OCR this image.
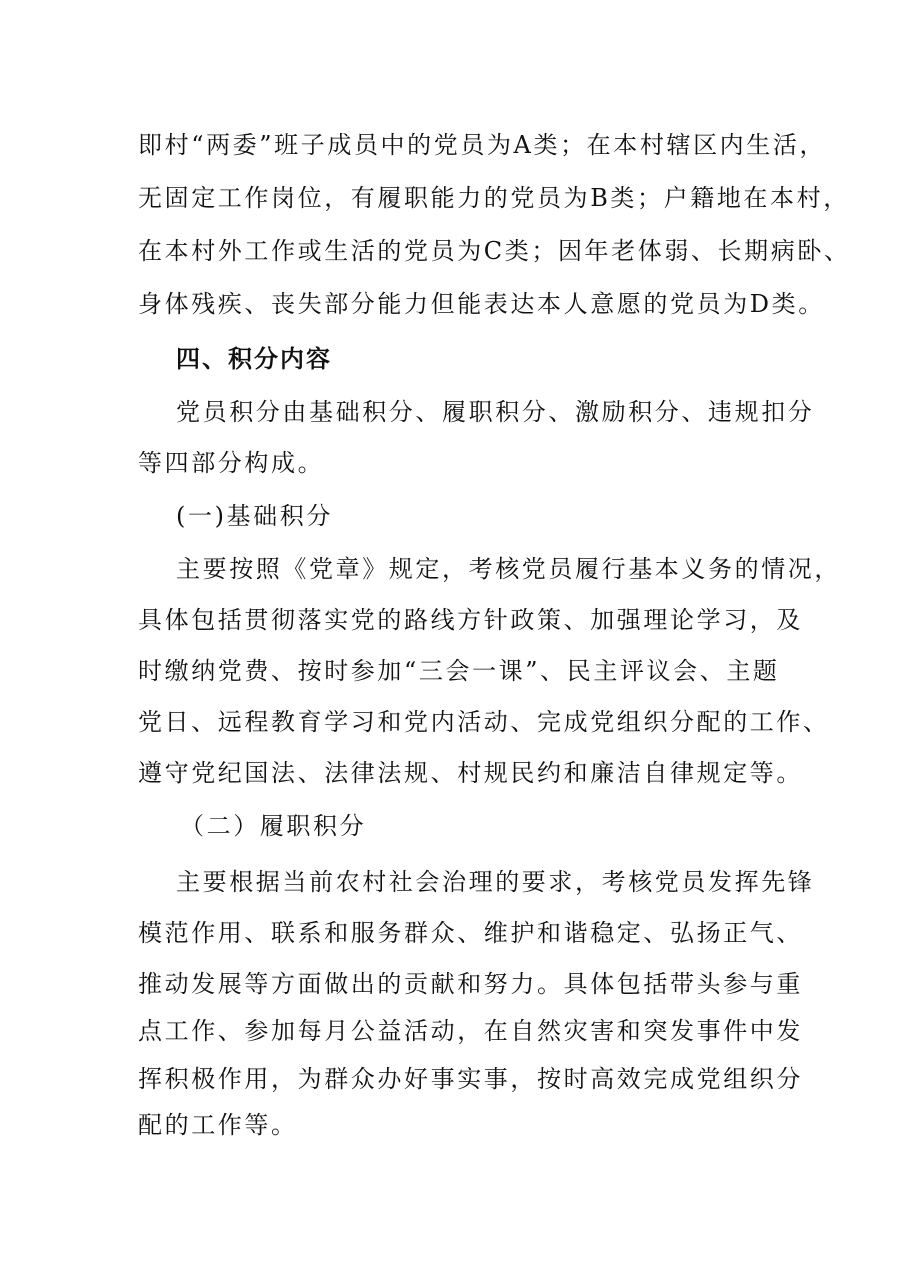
即村“两委”班子成员中的党员为A类；在本村辖区内生活，
无固定工作岗位，有履职能力的党员为B类；户籍地在本村，
在本村外工作或生活的党员为C类；因年老体弱、长期病卧、
身体残疾、丧失部分能力但能表达本人意愿的党员为D类。
四、积分内容
党员积分由基础积分、履职积分、激励积分、违规扣分
等四部分构成。
(一)基础积分
主要按照《党章》规定，考核党员履行基本义务的情况，
具体包括贯彻落实党的路线方针政策、加强理论学习，及
时缴纳党费、按时参加“三会一课”、民主评议会、主题
党日、远程教育学习和党内活动、完成党组织分配的工作、
遵守党纪国法、法律法规、村规民约和廉洁自律规定等。
（二）履职积分
主要根据当前农村社会治理的要求，考核党员发挥先锋
模范作用、联系和服务群众、维护和谐稳定、弘扬正气、
推动发展等方面做出的贡献和努力。具体包括带头参与重
点工作、参加每月公益活动，在自然灾害和突发事件中发
挥积极作用，为群众办好事实事，按时高效完成党组织分
配的工作等。
